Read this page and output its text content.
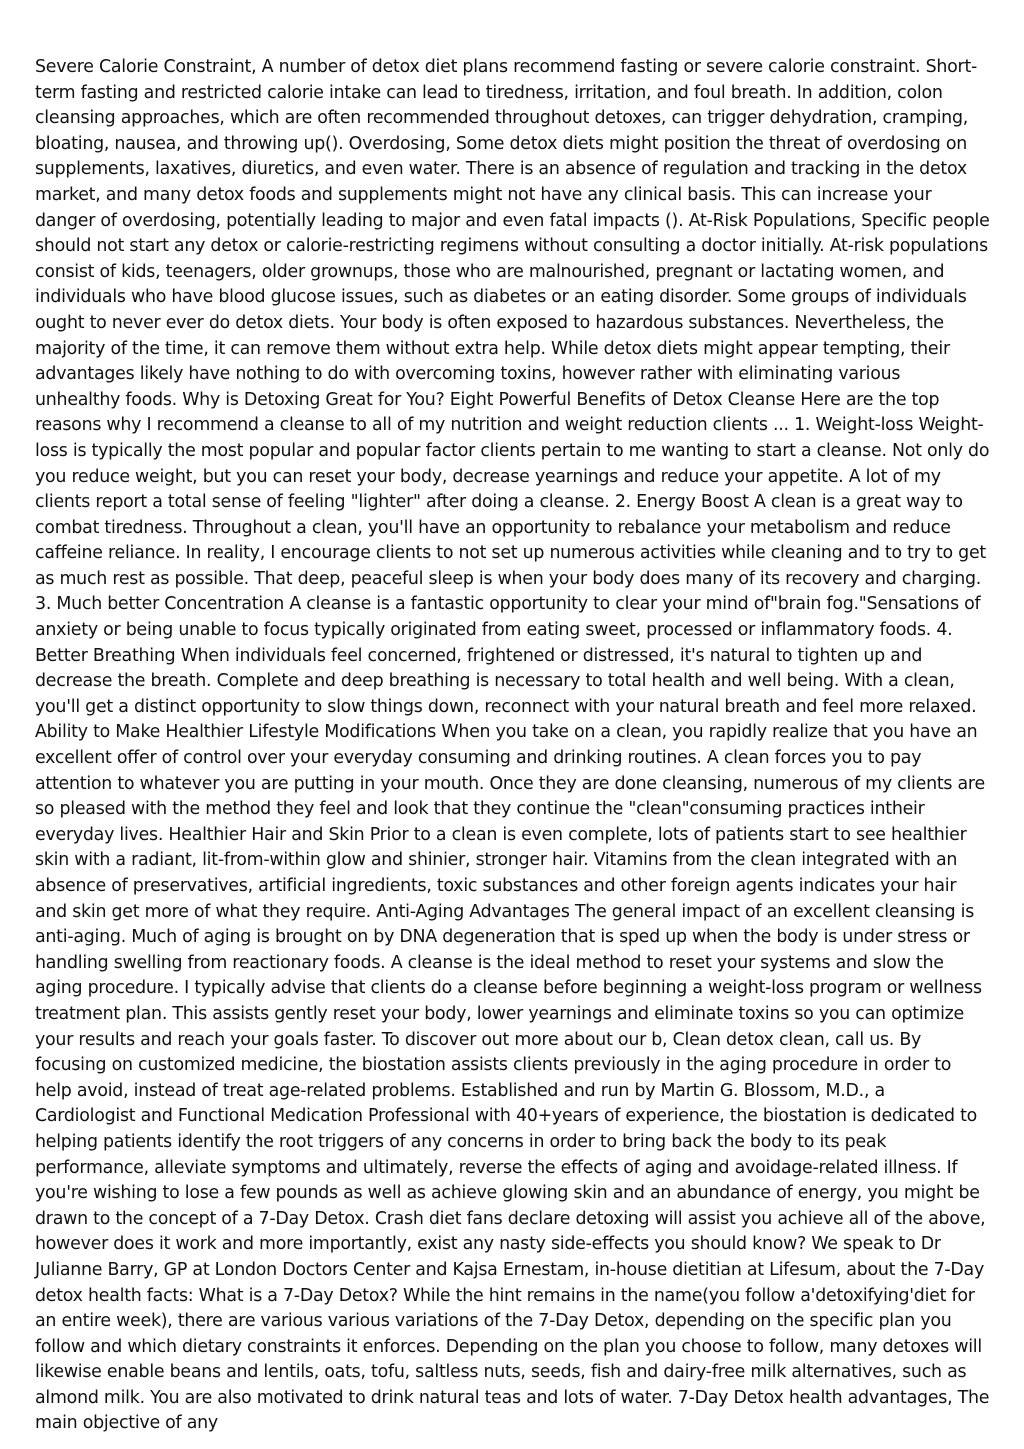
Severe Calorie Constraint, A number of detox diet plans recommend fasting or severe calorie constraint. Short-term fasting and restricted calorie intake can lead to tiredness, irritation, and foul breath. In addition, colon cleansing approaches, which are often recommended throughout detoxes, can trigger dehydration, cramping, bloating, nausea, and throwing up(). Overdosing, Some detox diets might position the threat of overdosing on supplements, laxatives, diuretics, and even water. There is an absence of regulation and tracking in the detox market, and many detox foods and supplements might not have any clinical basis. This can increase your danger of overdosing, potentially leading to major and even fatal impacts (). At-Risk Populations, Specific people should not start any detox or calorie-restricting regimens without consulting a doctor initially. At-risk populations consist of kids, teenagers, older grownups, those who are malnourished, pregnant or lactating women, and individuals who have blood glucose issues, such as diabetes or an eating disorder. Some groups of individuals ought to never ever do detox diets. Your body is often exposed to hazardous substances. Nevertheless, the majority of the time, it can remove them without extra help. While detox diets might appear tempting, their advantages likely have nothing to do with overcoming toxins, however rather with eliminating various unhealthy foods. Why is Detoxing Great for You? Eight Powerful Benefits of Detox Cleanse Here are the top reasons why I recommend a cleanse to all of my nutrition and weight reduction clients ... 1. Weight-loss Weight-loss is typically the most popular and popular factor clients pertain to me wanting to start a cleanse. Not only do you reduce weight, but you can reset your body, decrease yearnings and reduce your appetite. A lot of my clients report a total sense of feeling "lighter" after doing a cleanse. 2. Energy Boost A clean is a great way to combat tiredness. Throughout a clean, you'll have an opportunity to rebalance your metabolism and reduce caffeine reliance. In reality, I encourage clients to not set up numerous activities while cleaning and to try to get as much rest as possible. That deep, peaceful sleep is when your body does many of its recovery and charging. 3. Much better Concentration A cleanse is a fantastic opportunity to clear your mind of"brain fog."Sensations of anxiety or being unable to focus typically originated from eating sweet, processed or inflammatory foods. 4. Better Breathing When individuals feel concerned, frightened or distressed, it's natural to tighten up and decrease the breath. Complete and deep breathing is necessary to total health and well being. With a clean, you'll get a distinct opportunity to slow things down, reconnect with your natural breath and feel more relaxed. Ability to Make Healthier Lifestyle Modifications When you take on a clean, you rapidly realize that you have an excellent offer of control over your everyday consuming and drinking routines. A clean forces you to pay attention to whatever you are putting in your mouth. Once they are done cleansing, numerous of my clients are so pleased with the method they feel and look that they continue the "clean"consuming practices intheir everyday lives. Healthier Hair and Skin Prior to a clean is even complete, lots of patients start to see healthier skin with a radiant, lit-from-within glow and shinier, stronger hair. Vitamins from the clean integrated with an absence of preservatives, artificial ingredients, toxic substances and other foreign agents indicates your hair and skin get more of what they require. Anti-Aging Advantages The general impact of an excellent cleansing is anti-aging. Much of aging is brought on by DNA degeneration that is sped up when the body is under stress or handling swelling from reactionary foods. A cleanse is the ideal method to reset your systems and slow the aging procedure. I typically advise that clients do a cleanse before beginning a weight-loss program or wellness treatment plan. This assists gently reset your body, lower yearnings and eliminate toxins so you can optimize your results and reach your goals faster. To discover out more about our b, Clean detox clean, call us. By focusing on customized medicine, the biostation assists clients previously in the aging procedure in order to help avoid, instead of treat age-related problems. Established and run by Martin G. Blossom, M.D., a Cardiologist and Functional Medication Professional with 40+years of experience, the biostation is dedicated to helping patients identify the root triggers of any concerns in order to bring back the body to its peak performance, alleviate symptoms and ultimately, reverse the effects of aging and avoidage-related illness. If you're wishing to lose a few pounds as well as achieve glowing skin and an abundance of energy, you might be drawn to the concept of a 7-Day Detox. Crash diet fans declare detoxing will assist you achieve all of the above, however does it work and more importantly, exist any nasty side-effects you should know? We speak to Dr Julianne Barry, GP at London Doctors Center and Kajsa Ernestam, in-house dietitian at Lifesum, about the 7-Day detox health facts: What is a 7-Day Detox? While the hint remains in the name(you follow a'detoxifying'diet for an entire week), there are various various variations of the 7-Day Detox, depending on the specific plan you follow and which dietary constraints it enforces. Depending on the plan you choose to follow, many detoxes will likewise enable beans and lentils, oats, tofu, saltless nuts, seeds, fish and dairy-free milk alternatives, such as almond milk. You are also motivated to drink natural teas and lots of water. 7-Day Detox health advantages, The main objective of any
